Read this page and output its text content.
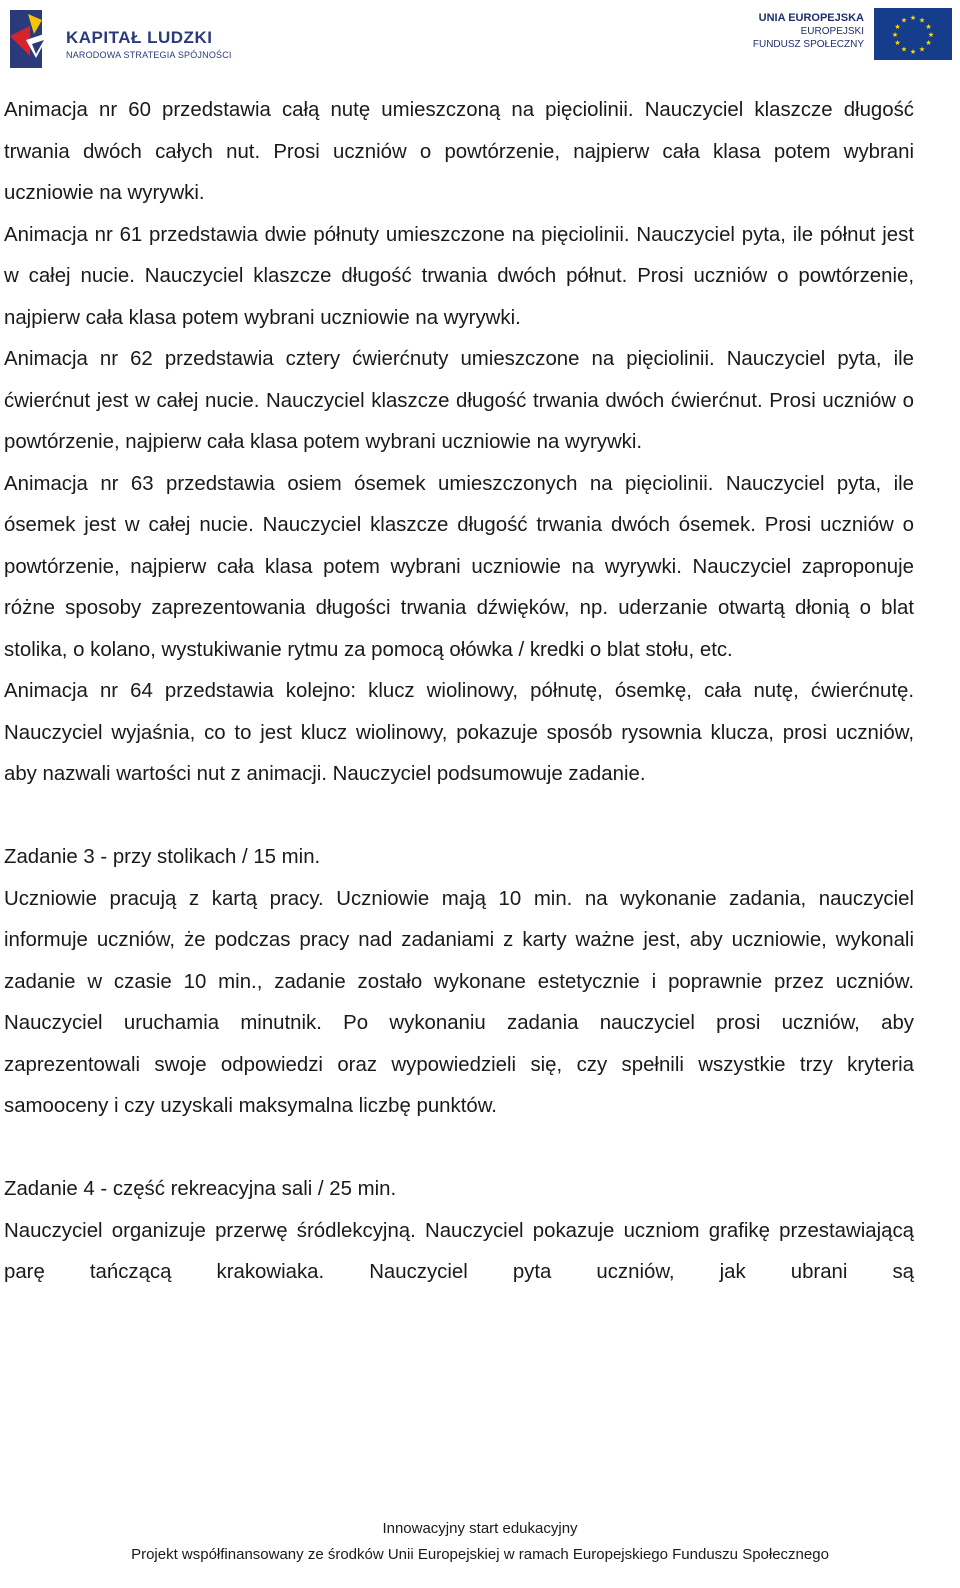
KAPITAŁ LUDZKI
NARODOWA STRATEGIA SPÓJNOŚCI
UNIA EUROPEJSKA
EUROPEJSKI
FUNDUSZ SPOŁECZNY
★ ★
★
★
★
★
★
★
★
★
★
★

Animacja nr 60 przedstawia całą nutę umieszczoną na pięciolinii. Nauczyciel klaszcze długość trwania dwóch całych nut. Prosi uczniów o powtórzenie, najpierw cała klasa potem wybrani uczniowie na wyrywki.

Animacja nr 61 przedstawia dwie półnuty umieszczone na pięciolinii. Nauczyciel pyta, ile półnut jest w całej nucie. Nauczyciel klaszcze długość trwania dwóch półnut. Prosi uczniów o powtórzenie, najpierw cała klasa potem wybrani uczniowie na wyrywki.

Animacja nr 62 przedstawia cztery ćwierćnuty umieszczone na pięciolinii. Nauczyciel pyta, ile ćwierćnut jest w całej nucie. Nauczyciel klaszcze długość trwania dwóch ćwierćnut. Prosi uczniów o powtórzenie, najpierw cała klasa potem wybrani uczniowie na wyrywki.

Animacja nr 63 przedstawia osiem ósemek umieszczonych na pięciolinii. Nauczyciel pyta, ile ósemek jest w całej nucie. Nauczyciel klaszcze długość trwania dwóch ósemek. Prosi uczniów o powtórzenie, najpierw cała klasa potem wybrani uczniowie na wyrywki. Nauczyciel zaproponuje różne sposoby zaprezentowania długości trwania dźwięków, np. uderzanie otwartą dłonią o blat stolika, o kolano, wystukiwanie rytmu za pomocą ołówka / kredki o blat stołu, etc.

Animacja nr 64 przedstawia kolejno: klucz wiolinowy, półnutę, ósemkę, cała nutę, ćwierćnutę. Nauczyciel wyjaśnia, co to jest klucz wiolinowy, pokazuje sposób rysownia klucza, prosi uczniów, aby nazwali wartości nut z animacji. Nauczyciel podsumowuje zadanie.

Zadanie 3 - przy stolikach / 15 min.

Uczniowie pracują z kartą pracy. Uczniowie mają 10 min. na wykonanie zadania, nauczyciel informuje uczniów, że podczas pracy nad zadaniami z karty ważne jest, aby uczniowie, wykonali zadanie w czasie 10 min., zadanie zostało wykonane estetycznie i poprawnie przez uczniów. Nauczyciel uruchamia minutnik. Po wykonaniu zadania nauczyciel prosi uczniów, aby zaprezentowali swoje odpowiedzi oraz wypowiedzieli się, czy spełnili wszystkie trzy kryteria samooceny i czy uzyskali maksymalna liczbę punktów.

Zadanie 4 - część rekreacyjna sali / 25 min.

Nauczyciel organizuje przerwę śródlekcyjną. Nauczyciel pokazuje uczniom grafikę przestawiającą parę tańczącą krakowiaka. Nauczyciel pyta uczniów, jak ubrani są

Innowacyjny start edukacyjny
Projekt współfinansowany ze środków Unii Europejskiej w ramach Europejskiego Funduszu Społecznego
